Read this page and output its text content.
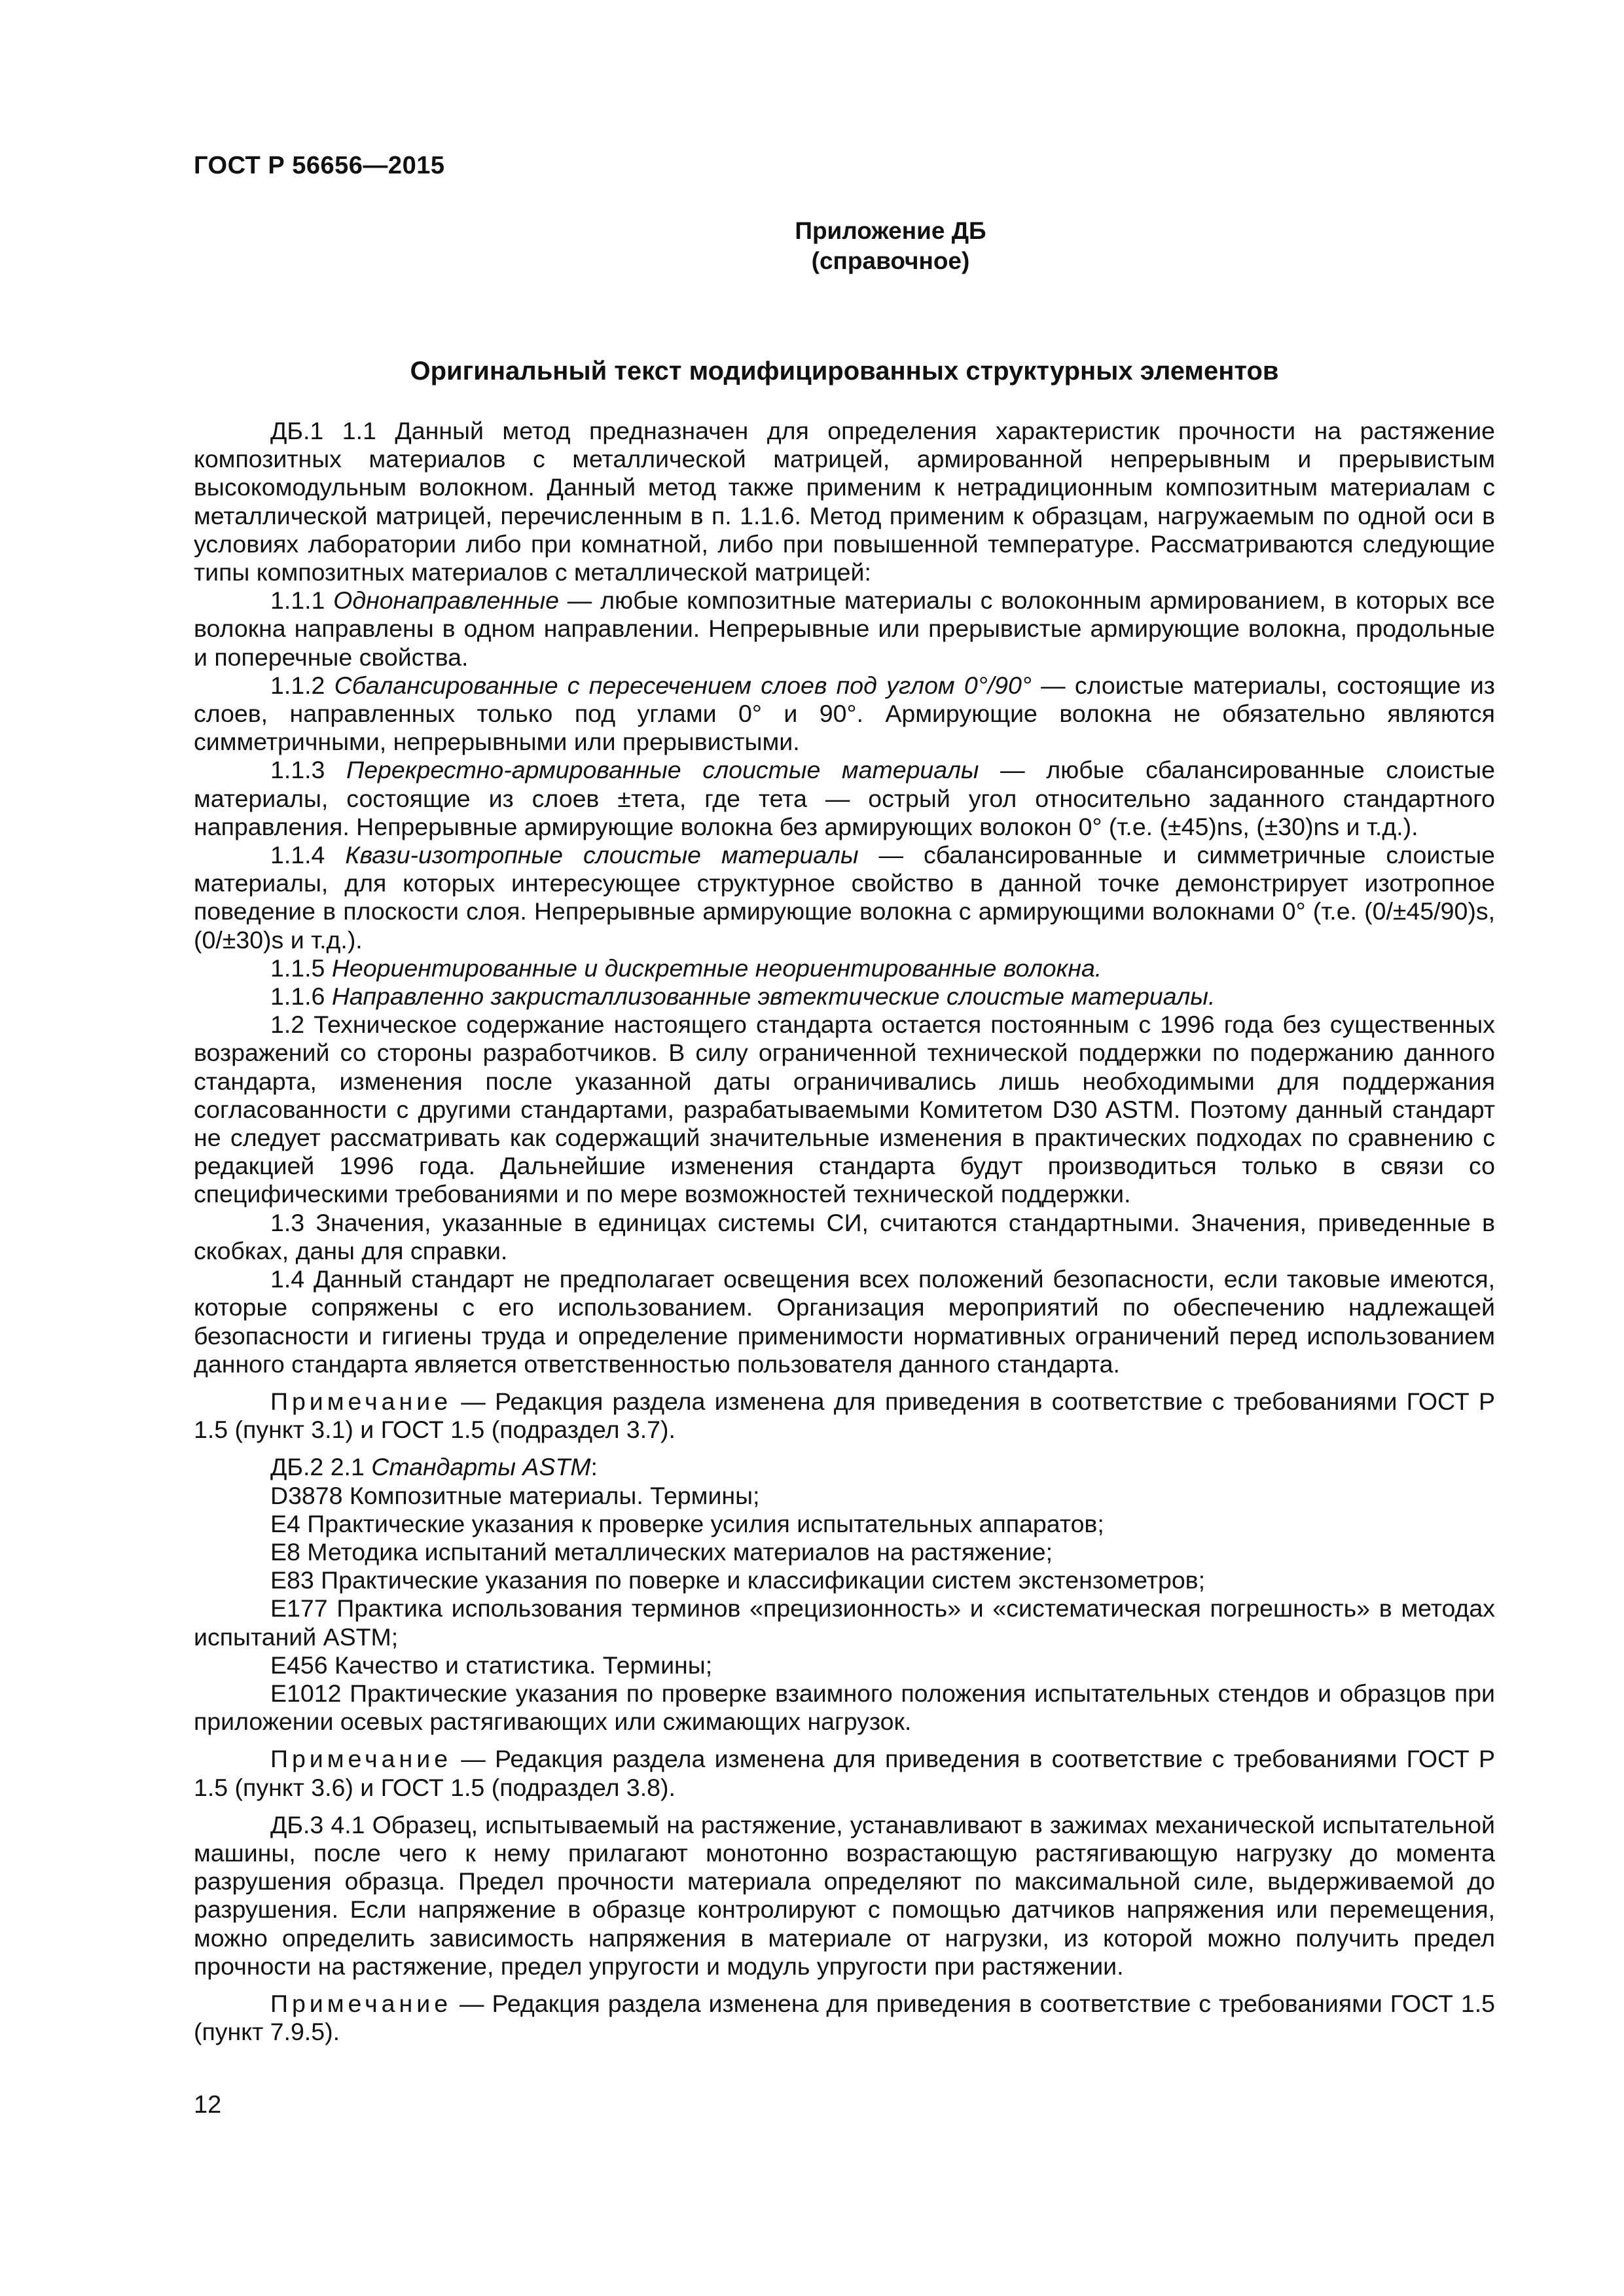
ГОСТ Р 56656—2015
Приложение ДБ
(справочное)
Оригинальный текст модифицированных структурных элементов

ДБ.1 1.1 Данный метод предназначен для определения характеристик прочности на растяжение композитных материалов с металлической матрицей, армированной непрерывным и прерывистым высокомодульным волокном. Данный метод также применим к нетрадиционным композитным материалам с металлической матрицей, перечисленным в п. 1.1.6. Метод применим к образцам, нагружаемым по одной оси в условиях лаборатории либо при комнатной, либо при повышенной температуре. Рассматриваются следующие типы композитных материалов с металлической матрицей:

1.1.1 Однонаправленные — любые композитные материалы с волоконным армированием, в которых все волокна направлены в одном направлении. Непрерывные или прерывистые армирующие волокна, продольные и поперечные свойства.

1.1.2 Сбалансированные с пересечением слоев под углом 0°/90° — слоистые материалы, состоящие из слоев, направленных только под углами 0° и 90°. Армирующие волокна не обязательно являются симметричными, непрерывными или прерывистыми.

1.1.3 Перекрестно-армированные слоистые материалы — любые сбалансированные слоистые материалы, состоящие из слоев ±тета, где тета — острый угол относительно заданного стандартного направления. Непрерывные армирующие волокна без армирующих волокон 0° (т.е. (±45)ns, (±30)ns и т.д.).

1.1.4 Квази-изотропные слоистые материалы — сбалансированные и симметричные слоистые материалы, для которых интересующее структурное свойство в данной точке демонстрирует изотропное поведение в плоскости слоя. Непрерывные армирующие волокна с армирующими волокнами 0° (т.е. (0/±45/90)s, (0/±30)s и т.д.).

1.1.5 Неориентированные и дискретные неориентированные волокна.

1.1.6 Направленно закристаллизованные эвтектические слоистые материалы.

1.2 Техническое содержание настоящего стандарта остается постоянным с 1996 года без существенных возражений со стороны разработчиков. В силу ограниченной технической поддержки по подержанию данного стандарта, изменения после указанной даты ограничивались лишь необходимыми для поддержания согласованности с другими стандартами, разрабатываемыми Комитетом D30 ASTM. Поэтому данный стандарт не следует рассматривать как содержащий значительные изменения в практических подходах по сравнению с редакцией 1996 года. Дальнейшие изменения стандарта будут производиться только в связи со специфическими требованиями и по мере возможностей технической поддержки.

1.3 Значения, указанные в единицах системы СИ, считаются стандартными. Значения, приведенные в скобках, даны для справки.

1.4 Данный стандарт не предполагает освещения всех положений безопасности, если таковые имеются, которые сопряжены с его использованием. Организация мероприятий по обеспечению надлежащей безопасности и гигиены труда и определение применимости нормативных ограничений перед использованием данного стандарта является ответственностью пользователя данного стандарта.

Примечание — Редакция раздела изменена для приведения в соответствие с требованиями ГОСТ Р 1.5 (пункт 3.1) и ГОСТ 1.5 (подраздел 3.7).

ДБ.2 2.1 Стандарты ASTM:

D3878 Композитные материалы. Термины;

Е4 Практические указания к проверке усилия испытательных аппаратов;

Е8 Методика испытаний металлических материалов на растяжение;

Е83 Практические указания по поверке и классификации систем экстензометров;

Е177 Практика использования терминов «прецизионность» и «систематическая погрешность» в методах испытаний ASTM;

Е456 Качество и статистика. Термины;

Е1012 Практические указания по проверке взаимного положения испытательных стендов и образцов при приложении осевых растягивающих или сжимающих нагрузок.

Примечание — Редакция раздела изменена для приведения в соответствие с требованиями ГОСТ Р 1.5 (пункт 3.6) и ГОСТ 1.5 (подраздел 3.8).

ДБ.3 4.1 Образец, испытываемый на растяжение, устанавливают в зажимах механической испытательной машины, после чего к нему прилагают монотонно возрастающую растягивающую нагрузку до момента разрушения образца. Предел прочности материала определяют по максимальной силе, выдерживаемой до разрушения. Если напряжение в образце контролируют с помощью датчиков напряжения или перемещения, можно определить зависимость напряжения в материале от нагрузки, из которой можно получить предел прочности на растяжение, предел упругости и модуль упругости при растяжении.

Примечание — Редакция раздела изменена для приведения в соответствие с требованиями ГОСТ 1.5 (пункт 7.9.5).

12
